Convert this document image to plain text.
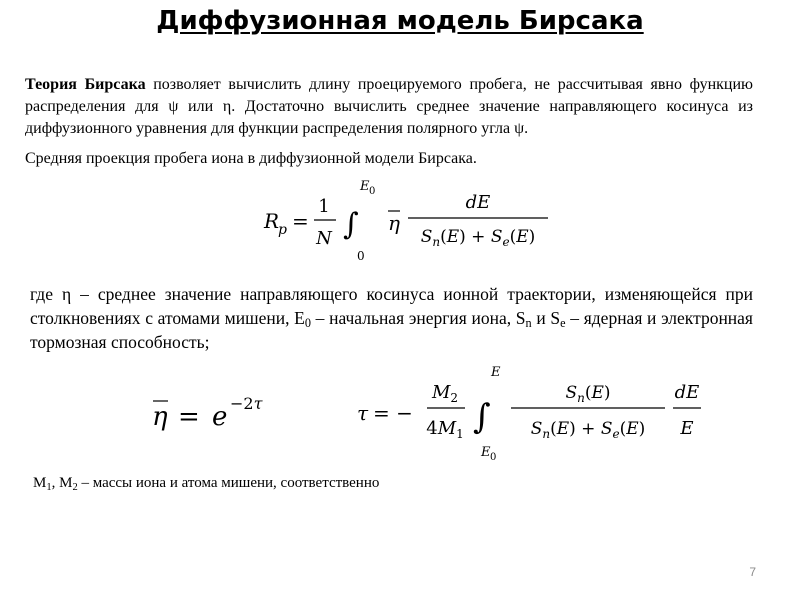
Диффузионная модель Бирсака

Теория Бирсака позволяет вычислить длину проецируемого пробега, не рассчитывая явно функцию распределения для ψ или η. Достаточно вычислить среднее значение направляющего косинуса из диффузионного уравнения для функции распределения полярного угла ψ.

Средняя проекция пробега иона в диффузионной модели Бирсака.

R
p =
1
N ∫
E 0
0
η
dE
$S_n(E) + S_e(E)$

где η – среднее значение направляющего косинуса ионной траектории, изменяющейся при столкновениях с атомами мишени, $E_0$ – начальная энергия иона, $S_n$ и $S_e$ – ядерная и электронная тормозная способность;

η = e −2τ	τ = −
$M_2$
$4M_1$ ∫
E
E 0
$S_n(E)$
$S_n(E) + S_e(E)$
dE
E

$M_1$, $M_2$ – массы иона и атома мишени, соответственно

7
